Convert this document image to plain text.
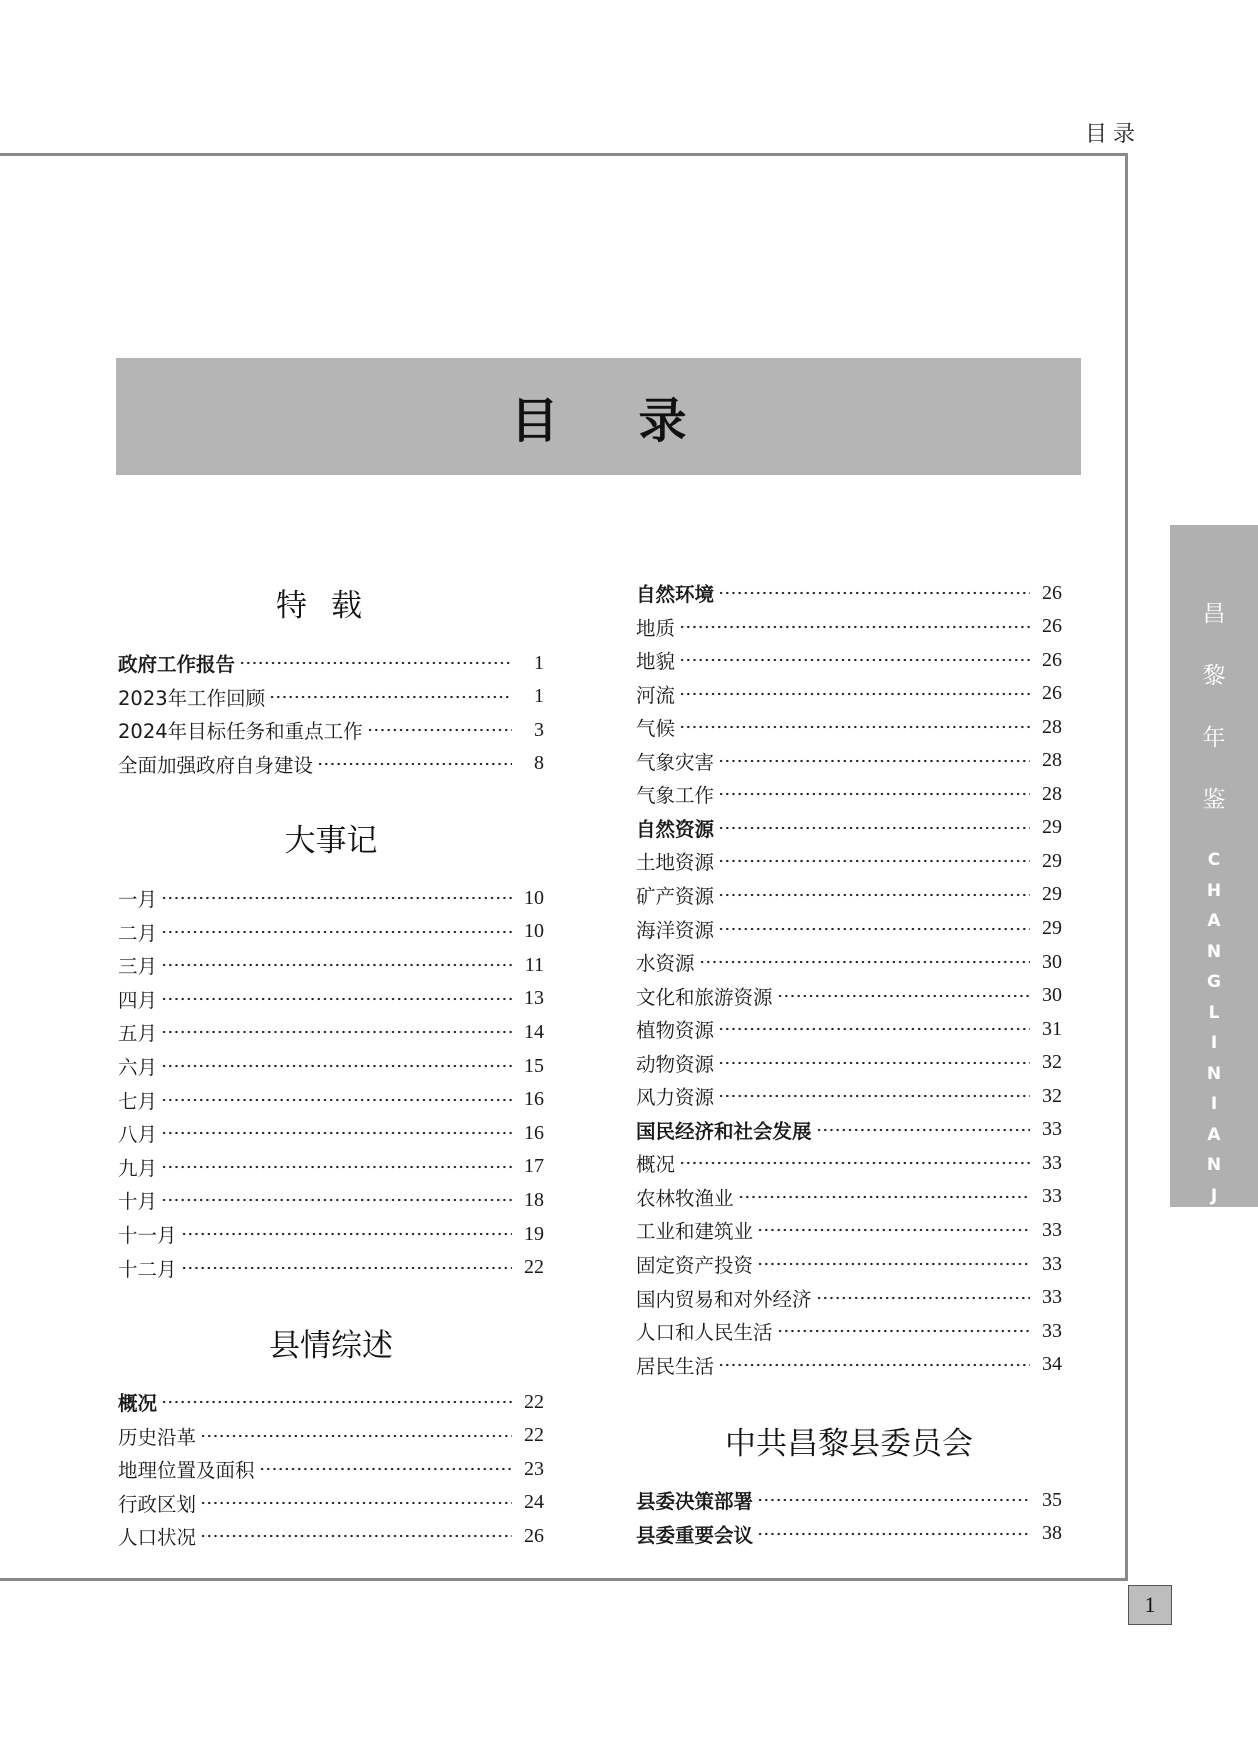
目录
目录
昌
黎
年
鉴
C
H
A
N
G
L
I
N
I
A
N
J
I
A
N
1
特载
政府工作报告	1
2023年工作回顾	1
2024年目标任务和重点工作	3
全面加强政府自身建设	8
大事记
一月	10
二月	10
三月	11
四月	13
五月	14
六月	15
七月	16
八月	16
九月	17
十月	18
十一月	19
十二月	22
县情综述
概况	22
历史沿革	22
地理位置及面积	23
行政区划	24
人口状况	26
自然环境	26
地质	26
地貌	26
河流	26
气候	28
气象灾害	28
气象工作	28
自然资源	29
土地资源	29
矿产资源	29
海洋资源	29
水资源	30
文化和旅游资源	30
植物资源	31
动物资源	32
风力资源	32
国民经济和社会发展	33
概况	33
农林牧渔业	33
工业和建筑业	33
固定资产投资	33
国内贸易和对外经济	33
人口和人民生活	33
居民生活	34
中共昌黎县委员会
县委决策部署	35
县委重要会议	38
